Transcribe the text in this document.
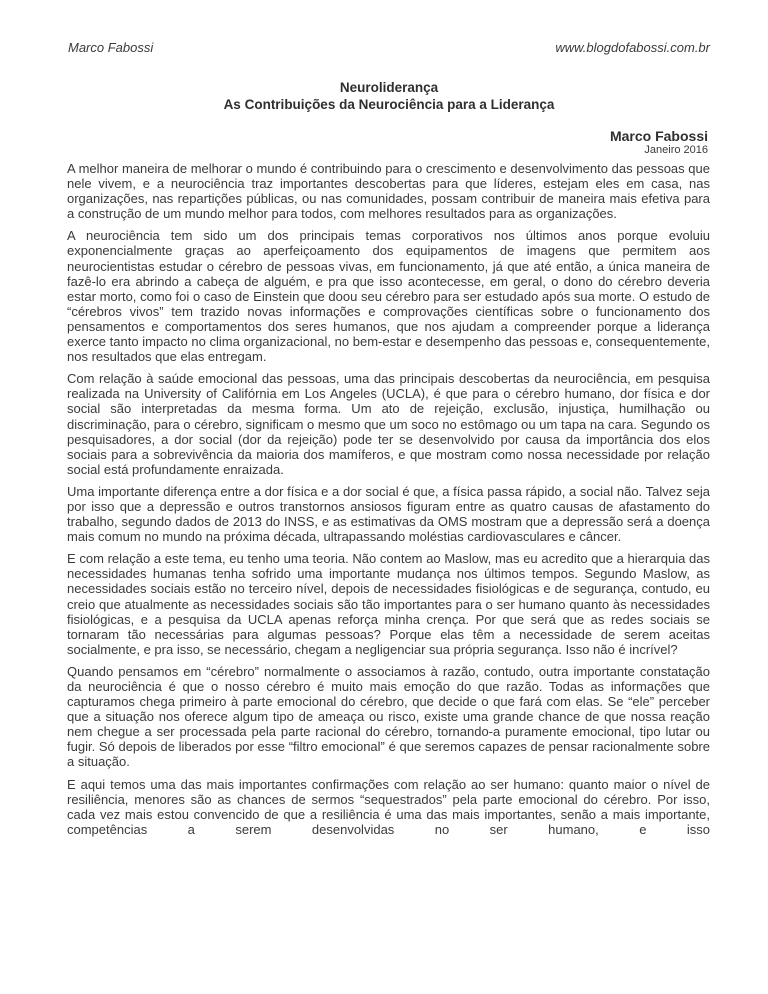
Marco Fabossi	www.blogdofabossi.com.br
Neuroliderança
As Contribuições da Neurociência para a Liderança
Marco Fabossi
Janeiro 2016

A melhor maneira de melhorar o mundo é contribuindo para o crescimento e desenvolvimento das pessoas que nele vivem, e a neurociência traz importantes descobertas para que líderes, estejam eles em casa, nas organizações, nas repartições públicas, ou nas comunidades, possam contribuir de maneira mais efetiva para a construção de um mundo melhor para todos, com melhores resultados para as organizações.

A neurociência tem sido um dos principais temas corporativos nos últimos anos porque evoluiu exponencialmente graças ao aperfeiçoamento dos equipamentos de imagens que permitem aos neurocientistas estudar o cérebro de pessoas vivas, em funcionamento, já que até então, a única maneira de fazê-lo era abrindo a cabeça de alguém, e pra que isso acontecesse, em geral, o dono do cérebro deveria estar morto, como foi o caso de Einstein que doou seu cérebro para ser estudado após sua morte. O estudo de “cérebros vivos” tem trazido novas informações e comprovações científicas sobre o funcionamento dos pensamentos e comportamentos dos seres humanos, que nos ajudam a compreender porque a liderança exerce tanto impacto no clima organizacional, no bem-estar e desempenho das pessoas e, consequentemente, nos resultados que elas entregam.

Com relação à saúde emocional das pessoas, uma das principais descobertas da neurociência, em pesquisa realizada na University of Califórnia em Los Angeles (UCLA), é que para o cérebro humano, dor física e dor social são interpretadas da mesma forma. Um ato de rejeição, exclusão, injustiça, humilhação ou discriminação, para o cérebro, significam o mesmo que um soco no estômago ou um tapa na cara. Segundo os pesquisadores, a dor social (dor da rejeição) pode ter se desenvolvido por causa da importância dos elos sociais para a sobrevivência da maioria dos mamíferos, e que mostram como nossa necessidade por relação social está profundamente enraizada.

Uma importante diferença entre a dor física e a dor social é que, a física passa rápido, a social não. Talvez seja por isso que a depressão e outros transtornos ansiosos figuram entre as quatro causas de afastamento do trabalho, segundo dados de 2013 do INSS, e as estimativas da OMS mostram que a depressão será a doença mais comum no mundo na próxima década, ultrapassando moléstias cardiovasculares e câncer.

E com relação a este tema, eu tenho uma teoria. Não contem ao Maslow, mas eu acredito que a hierarquia das necessidades humanas tenha sofrido uma importante mudança nos últimos tempos. Segundo Maslow, as necessidades sociais estão no terceiro nível, depois de necessidades fisiológicas e de segurança, contudo, eu creio que atualmente as necessidades sociais são tão importantes para o ser humano quanto às necessidades fisiológicas, e a pesquisa da UCLA apenas reforça minha crença. Por que será que as redes sociais se tornaram tão necessárias para algumas pessoas? Porque elas têm a necessidade de serem aceitas socialmente, e pra isso, se necessário, chegam a negligenciar sua própria segurança. Isso não é incrível?

Quando pensamos em “cérebro” normalmente o associamos à razão, contudo, outra importante constatação da neurociência é que o nosso cérebro é muito mais emoção do que razão. Todas as informações que capturamos chega primeiro à parte emocional do cérebro, que decide o que fará com elas. Se “ele” perceber que a situação nos oferece algum tipo de ameaça ou risco, existe uma grande chance de que nossa reação nem chegue a ser processada pela parte racional do cérebro, tornando-a puramente emocional, tipo lutar ou fugir. Só depois de liberados por esse “filtro emocional” é que seremos capazes de pensar racionalmente sobre a situação.

E aqui temos uma das mais importantes confirmações com relação ao ser humano: quanto maior o nível de resiliência, menores são as chances de sermos “sequestrados” pela parte emocional do cérebro. Por isso, cada vez mais estou convencido de que a resiliência é uma das mais importantes, senão a mais importante, competências a serem desenvolvidas no ser humano, e isso
